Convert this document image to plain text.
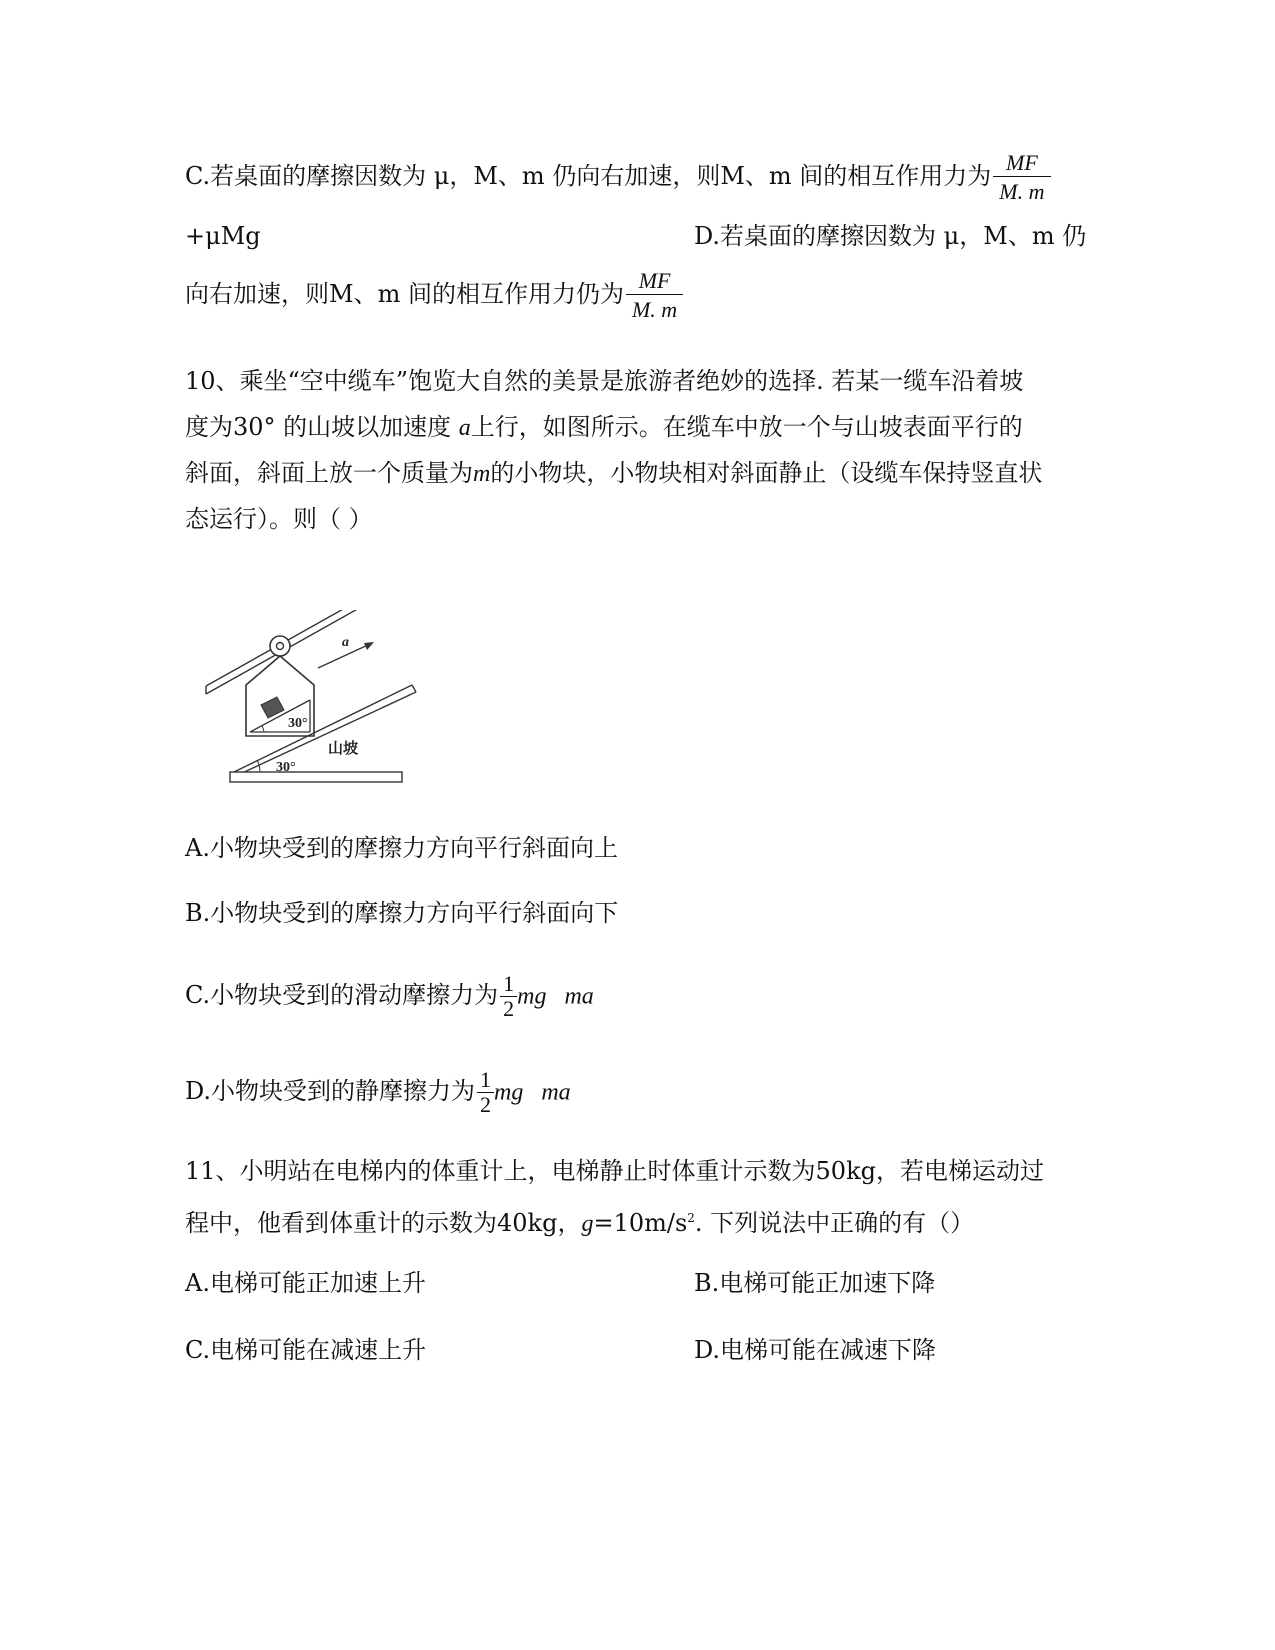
C.若桌面的摩擦因数为 μ，M、m 仍向右加速，则M、m 间的相互作用力为 $\frac{MF}{M. m}$
+μMg	D.若桌面的摩擦因数为 μ，M、m 仍
向右加速，则M、m 间的相互作用力仍为 $\frac{MF}{M. m}$
10、乘坐“空中缆车”饱览大自然的美景是旅游者绝妙的选择. 若某一缆车沿着坡
度为30° 的山坡以加速度 a上行，如图所示。在缆车中放一个与山坡表面平行的
斜面，斜面上放一个质量为m的小物块，小物块相对斜面静止（设缆车保持竖直状
态运行）。则（ ）
30°
a
30°
山坡
A.小物块受到的摩擦力方向平行斜面向上
B.小物块受到的摩擦力方向平行斜面向下
C.小物块受到的滑动摩擦力为 $\frac{1}{2}$ mg   ma
D.小物块受到的静摩擦力为 $\frac{1}{2}$ mg   ma
11、小明站在电梯内的体重计上，电梯静止时体重计示数为50kg，若电梯运动过
程中，他看到体重计的示数为40kg，$g=10m/s^2$. 下列说法中正确的有（）
A.电梯可能正加速上升	B.电梯可能正加速下降
C.电梯可能在减速上升	D.电梯可能在减速下降
